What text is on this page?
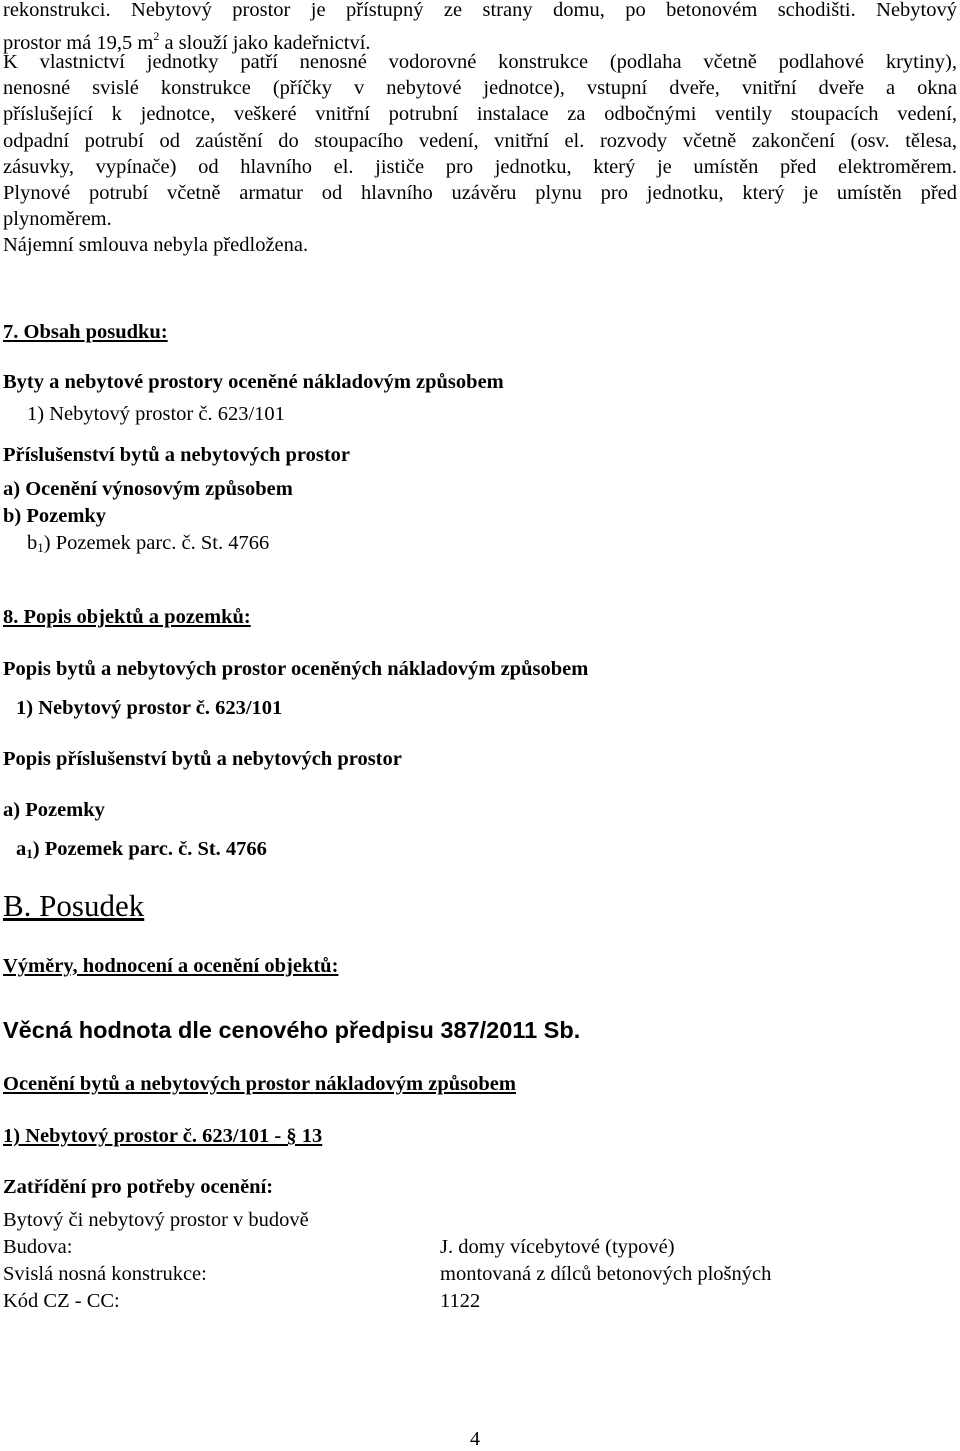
rekonstrukci. Nebytový prostor je přístupný ze strany domu, po betonovém schodišti. Nebytový
prostor má 19,5 $m^2$ a slouží jako kadeřnictví.
K vlastnictví jednotky patří nenosné vodorovné konstrukce (podlaha včetně podlahové krytiny),
nenosné svislé konstrukce (příčky v nebytové jednotce), vstupní dveře, vnitřní dveře a okna
příslušející k jednotce, veškeré vnitřní potrubní instalace za odbočnými ventily stoupacích vedení,
odpadní potrubí od zaústění do stoupacího vedení, vnitřní el. rozvody včetně zakončení (osv. tělesa,
zásuvky, vypínače) od hlavního el. jističe pro jednotku, který je umístěn před elektroměrem.
Plynové potrubí včetně armatur od hlavního uzávěru plynu pro jednotku, který je umístěn před
plynoměrem.
Nájemní smlouva nebyla předložena.

7. Obsah posudku:

Byty a nebytové prostory oceněné nákladovým způsobem

1) Nebytový prostor č. 623/101

Příslušenství bytů a nebytových prostor

a) Ocenění výnosovým způsobem

b) Pozemky

$b_1$) Pozemek parc. č. St. 4766

8. Popis objektů a pozemků:

Popis bytů a nebytových prostor oceněných nákladovým způsobem

1) Nebytový prostor č. 623/101

Popis příslušenství bytů a nebytových prostor

a) Pozemky

$a_1$) Pozemek parc. č. St. 4766

B. Posudek

Výměry, hodnocení a ocenění objektů:

Věcná hodnota dle cenového předpisu 387/2011 Sb.

Ocenění bytů a nebytových prostor nákladovým způsobem

1) Nebytový prostor č. 623/101 - § 13

Zatřídění pro potřeby ocenění:

Bytový či nebytový prostor v budově

Budova:	J. domy vícebytové (typové)

Svislá nosná konstrukce:	montovaná z dílců betonových plošných

Kód CZ - CC:	1122

4
